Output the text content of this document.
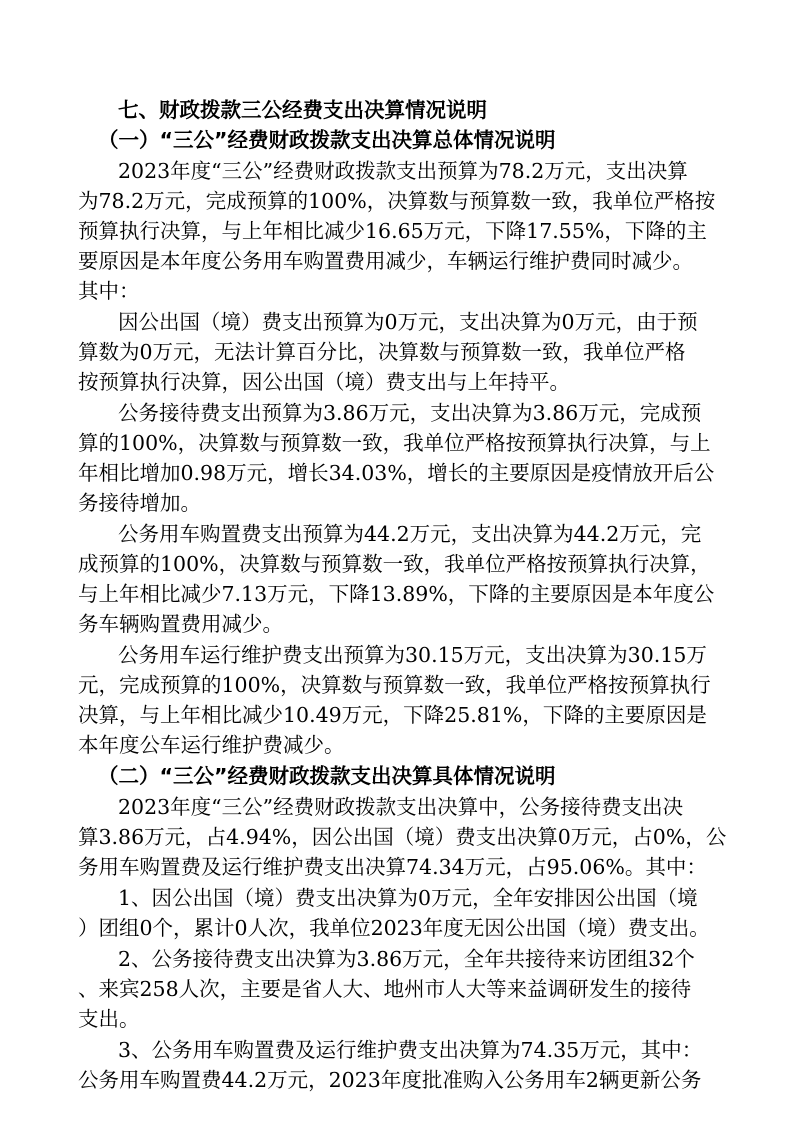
七、财政拨款三公经费支出决算情况说明
（一）“三公”经费财政拨款支出决算总体情况说明
2023年度“三公”经费财政拨款支出预算为78.2万元，支出决算
为78.2万元，完成预算的100%，决算数与预算数一致，我单位严格按
预算执行决算，与上年相比减少16.65万元，下降17.55%，下降的主
要原因是本年度公务用车购置费用减少，车辆运行维护费同时减少。
其中：
因公出国（境）费支出预算为0万元，支出决算为0万元，由于预
算数为0万元，无法计算百分比，决算数与预算数一致，我单位严格
按预算执行决算，因公出国（境）费支出与上年持平。
公务接待费支出预算为3.86万元，支出决算为3.86万元，完成预
算的100%，决算数与预算数一致，我单位严格按预算执行决算，与上
年相比增加0.98万元，增长34.03%，增长的主要原因是疫情放开后公
务接待增加。
公务用车购置费支出预算为44.2万元，支出决算为44.2万元，完
成预算的100%，决算数与预算数一致，我单位严格按预算执行决算，
与上年相比减少7.13万元，下降13.89%，下降的主要原因是本年度公
务车辆购置费用减少。
公务用车运行维护费支出预算为30.15万元，支出决算为30.15万
元，完成预算的100%，决算数与预算数一致，我单位严格按预算执行
决算，与上年相比减少10.49万元，下降25.81%，下降的主要原因是
本年度公车运行维护费减少。
（二）“三公”经费财政拨款支出决算具体情况说明
2023年度“三公”经费财政拨款支出决算中，公务接待费支出决
算3.86万元，占4.94%，因公出国（境）费支出决算0万元，占0%，公
务用车购置费及运行维护费支出决算74.34万元，占95.06%。其中：
1、因公出国（境）费支出决算为0万元，全年安排因公出国（境
）团组0个，累计0人次，我单位2023年度无因公出国（境）费支出。
2、公务接待费支出决算为3.86万元，全年共接待来访团组32个
、来宾258人次，主要是省人大、地州市人大等来益调研发生的接待
支出。
3、公务用车购置费及运行维护费支出决算为74.35万元，其中：
公务用车购置费44.2万元，2023年度批准购入公务用车2辆更新公务
